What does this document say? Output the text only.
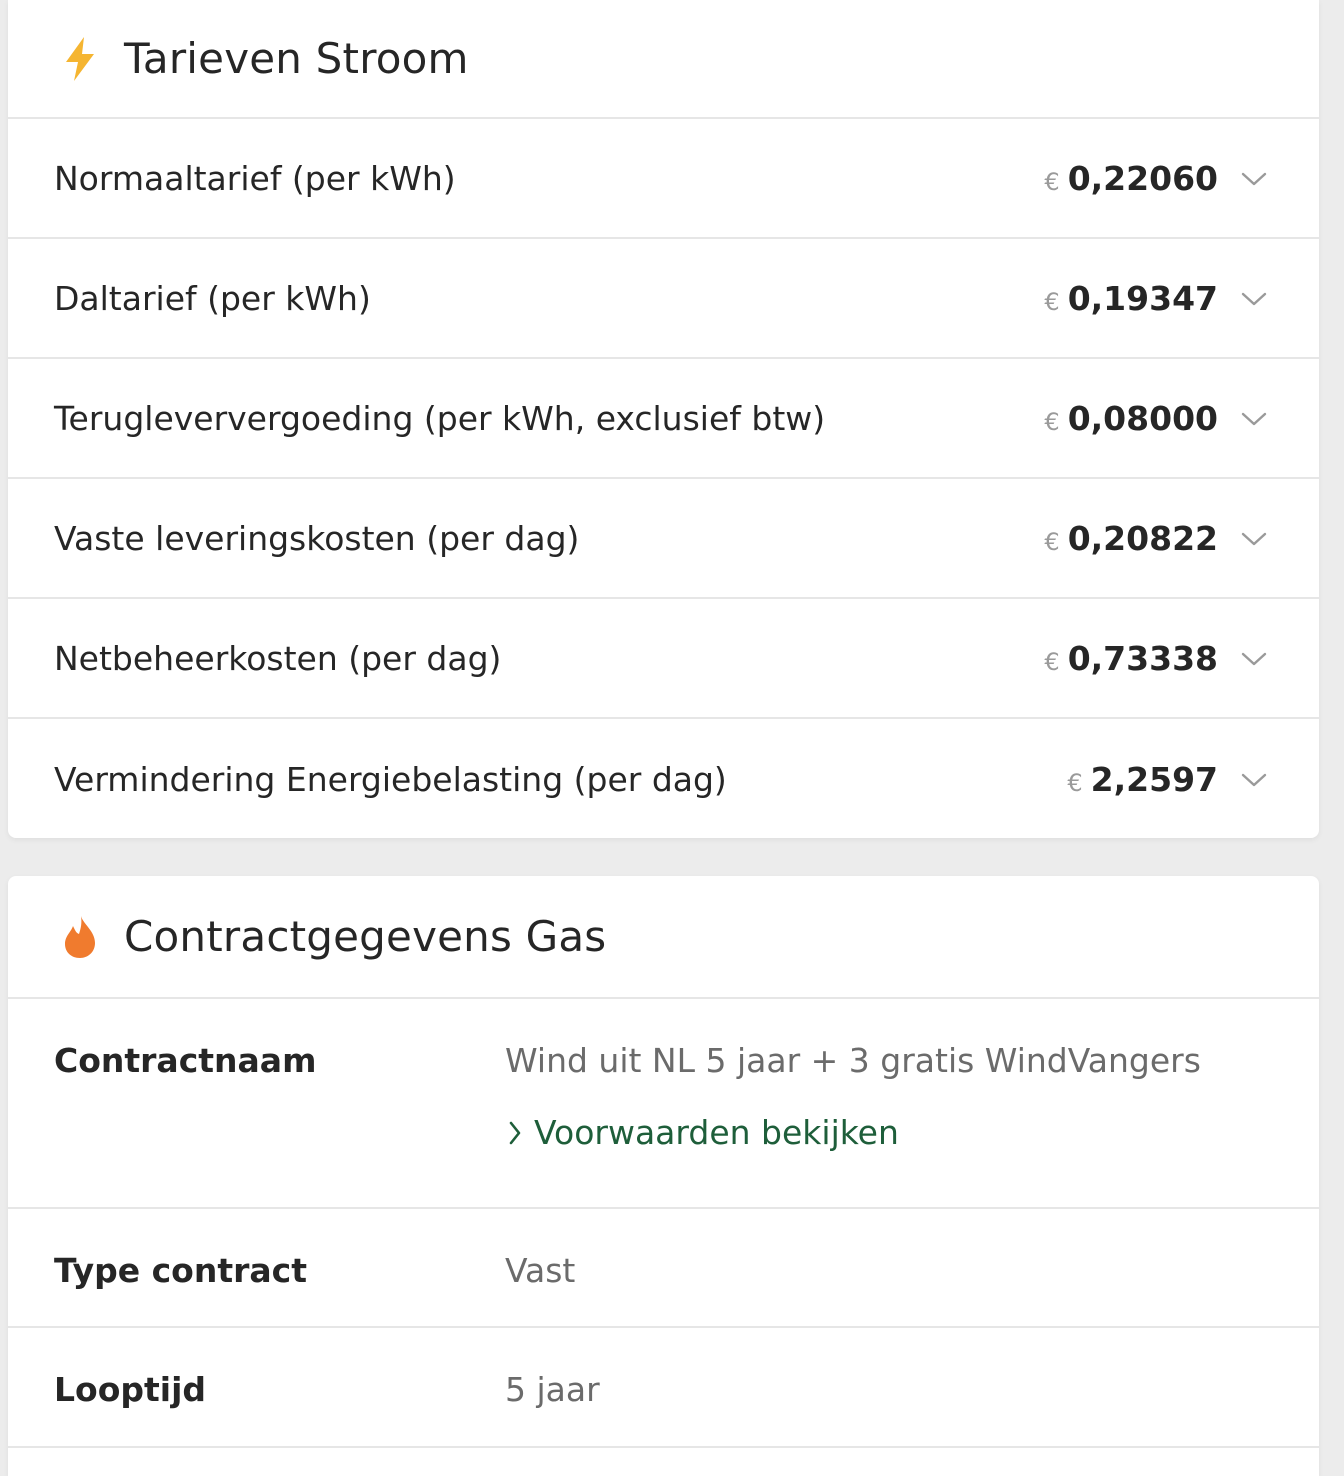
Tarieven Stroom
Normaaltarief (per kWh)	€ 0,22060
Daltarief (per kWh)	€ 0,19347
Terugleververgoeding (per kWh, exclusief btw)	€ 0,08000
Vaste leveringskosten (per dag)	€ 0,20822
Netbeheerkosten (per dag)	€ 0,73338
Vermindering Energiebelasting (per dag)	€ 2,2597
Contractgegevens Gas
Contractnaam	Wind uit NL 5 jaar + 3 gratis WindVangers
Voorwaarden bekijken
Type contract	Vast
Looptijd	5 jaar
